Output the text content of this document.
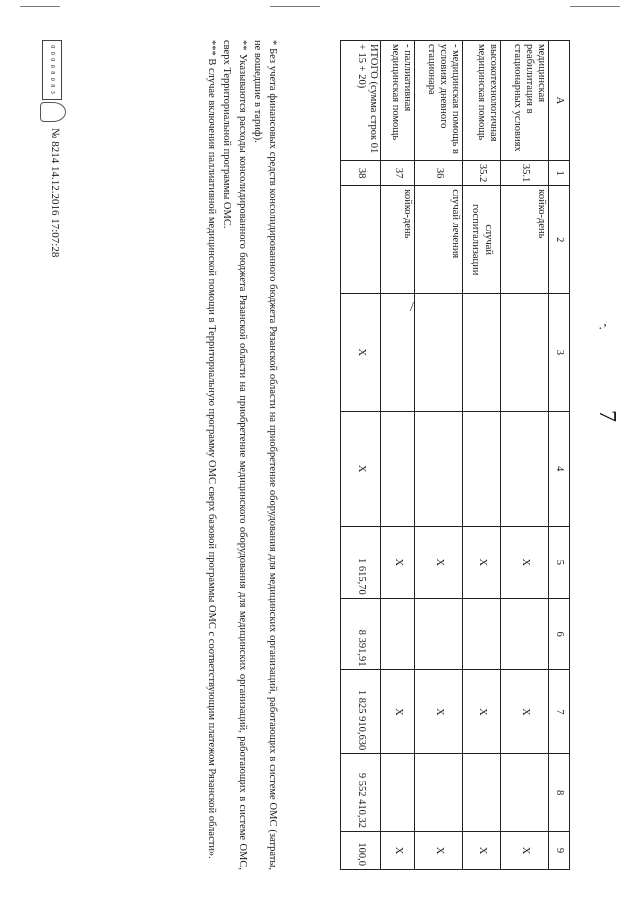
/
·’
7
А	1	2	3	4	5	6	7	8	9
медицинская реабилитация в стационарных условиях	35.1	койко-день			X		X		X
высокотехнологичная медицинская помощь	35.2	случай госпитализации			X		X		X
- медицинская помощь в условиях дневного стационара	36	случай лечения			X		X		X
- паллиативная медицинская помощь	37	койко-день			X		X		X
ИТОГО (сумма строк 01 + 15 + 20)	38		X	X	1 615,70	8 391,91	1 825 910,630	9 552 410,32	100,0

* Без учета финансовых средств консолидированного бюджета Рязанской области на приобретение оборудования для медицинских организаций, работающих в системе ОМС (затраты, не вошедшие в тариф).

** Указываются расходы консолидированного бюджета Рязанской области на приобретение медицинского оборудования для медицинских организаций, работающих в системе ОМС, сверх Территориальной программы ОМС.

*** В случае включения паллиативной медицинской помощи в Территориальную программу ОМС сверх базовой программы ОМС с соответствующим платежом Рязанской области».

0 0 0 0 8 0 8 3
№ 8214 14.12.2016 17:07:28
